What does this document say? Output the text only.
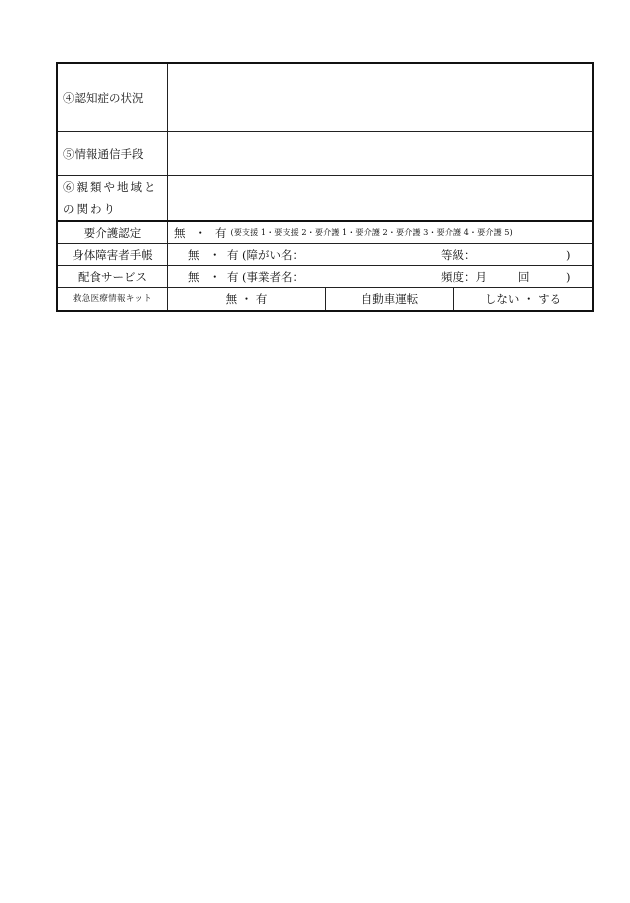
④認知症の状況
⑤情報通信手段
⑥親類や地域と
の関わり
要介護認定	無 ・ 有 (要支援 1・要支援 2・要介護 1・要介護 2・要介護 3・要介護 4・要介護 5)
身体障害者手帳	無 ・ 有 (障がい名：	等級：	)
配食サービス	無 ・ 有 (事業者名：	頻度：月	回	)
救急医療情報キット	無 ・ 有	自動車運転	しない ・ する
